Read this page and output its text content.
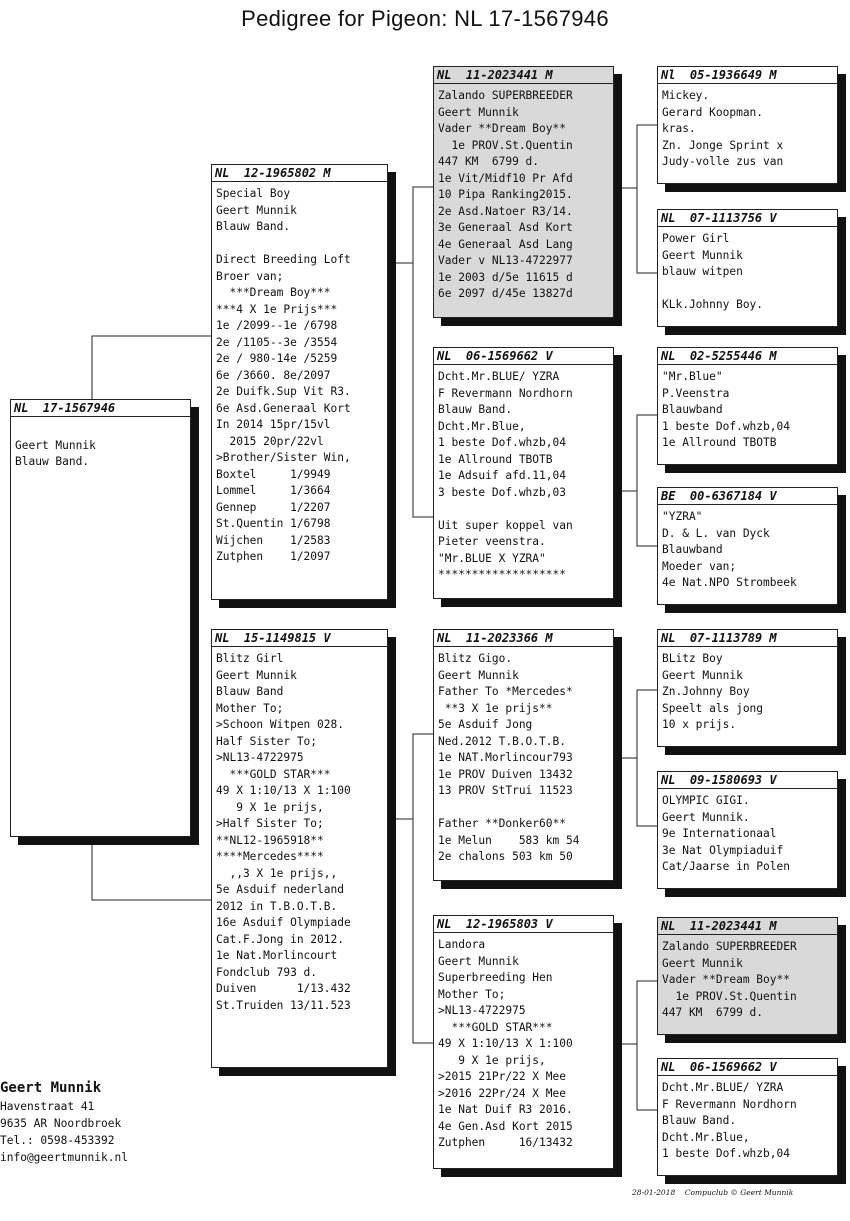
Pedigree for Pigeon: NL 17-1567946
NL  17-1567946
Geert Munnik
Blauw Band.
NL  12-1965802 M
Special Boy
Geert Munnik
Blauw Band.
Direct Breeding Loft
Broer van;
***Dream Boy***
***4 X 1e Prijs***
1e /2099--1e /6798
2e /1105--3e /3554
2e / 980-14e /5259
6e /3660. 8e/2097
2e Duifk.Sup Vit R3.
6e Asd.Generaal Kort
In 2014 15pr/15vl
2015 20pr/22vl
>Brother/Sister Win,
Boxtel     1/9949
Lommel     1/3664
Gennep     1/2207
St.Quentin 1/6798
Wijchen    1/2583
Zutphen    1/2097
NL  15-1149815 V
Blitz Girl
Geert Munnik
Blauw Band
Mother To;
>Schoon Witpen 028.
Half Sister To;
>NL13-4722975
***GOLD STAR***
49 X 1:10/13 X 1:100
9 X 1e prijs,
>Half Sister To;
**NL12-1965918**
****Mercedes****
,,3 X 1e prijs,,
5e Asduif nederland
2012 in T.B.O.T.B.
16e Asduif Olympiade
Cat.F.Jong in 2012.
1e Nat.Morlincourt
Fondclub 793 d.
Duiven      1/13.432
St.Truiden 13/11.523
NL  11-2023441 M
Zalando SUPERBREEDER
Geert Munnik
Vader **Dream Boy**
1e PROV.St.Quentin
447 KM  6799 d.
1e Vit/Midf10 Pr Afd
10 Pipa Ranking2015.
2e Asd.Natoer R3/14.
3e Generaal Asd Kort
4e Generaal Asd Lang
Vader v NL13-4722977
1e 2003 d/5e 11615 d
6e 2097 d/45e 13827d
NL  06-1569662 V
Dcht.Mr.BLUE/ YZRA
F Revermann Nordhorn
Blauw Band.
Dcht.Mr.Blue,
1 beste Dof.whzb,04
1e Allround TBOTB
1e Adsuif afd.11,04
3 beste Dof.whzb,03
Uit super koppel van
Pieter veenstra.
"Mr.BLUE X YZRA"
*******************
NL  11-2023366 M
Blitz Gigo.
Geert Munnik
Father To *Mercedes*
**3 X 1e prijs**
5e Asduif Jong
Ned.2012 T.B.O.T.B.
1e NAT.Morlincour793
1e PROV Duiven 13432
13 PROV StTrui 11523
Father **Donker60**
1e Melun    583 km 54
2e chalons 503 km 50
NL  12-1965803 V
Landora
Geert Munnik
Superbreeding Hen
Mother To;
>NL13-4722975
***GOLD STAR***
49 X 1:10/13 X 1:100
9 X 1e prijs,
>2015 21Pr/22 X Mee
>2016 22Pr/24 X Mee
1e Nat Duif R3 2016.
4e Gen.Asd Kort 2015
Zutphen     16/13432
Nl  05-1936649 M
Mickey.
Gerard Koopman.
kras.
Zn. Jonge Sprint x
Judy-volle zus van
NL  07-1113756 V
Power Girl
Geert Munnik
blauw witpen
KLk.Johnny Boy.
NL  02-5255446 M
"Mr.Blue"
P.Veenstra
Blauwband
1 beste Dof.whzb,04
1e Allround TBOTB
BE  00-6367184 V
"YZRA"
D. & L. van Dyck
Blauwband
Moeder van;
4e Nat.NPO Strombeek
NL  07-1113789 M
BLitz Boy
Geert Munnik
Zn.Johnny Boy
Speelt als jong
10 x prijs.
NL  09-1580693 V
OLYMPIC GIGI.
Geert Munnik.
9e Internationaal
3e Nat Olympiaduif
Cat/Jaarse in Polen
NL  11-2023441 M
Zalando SUPERBREEDER
Geert Munnik
Vader **Dream Boy**
1e PROV.St.Quentin
447 KM  6799 d.
NL  06-1569662 V
Dcht.Mr.BLUE/ YZRA
F Revermann Nordhorn
Blauw Band.
Dcht.Mr.Blue,
1 beste Dof.whzb,04
Geert Munnik
Havenstraat 41
9635 AR Noordbroek
Tel.: 0598-453392
info@geertmunnik.nl
28-01-2018    Compuclub © Geert Munnik
